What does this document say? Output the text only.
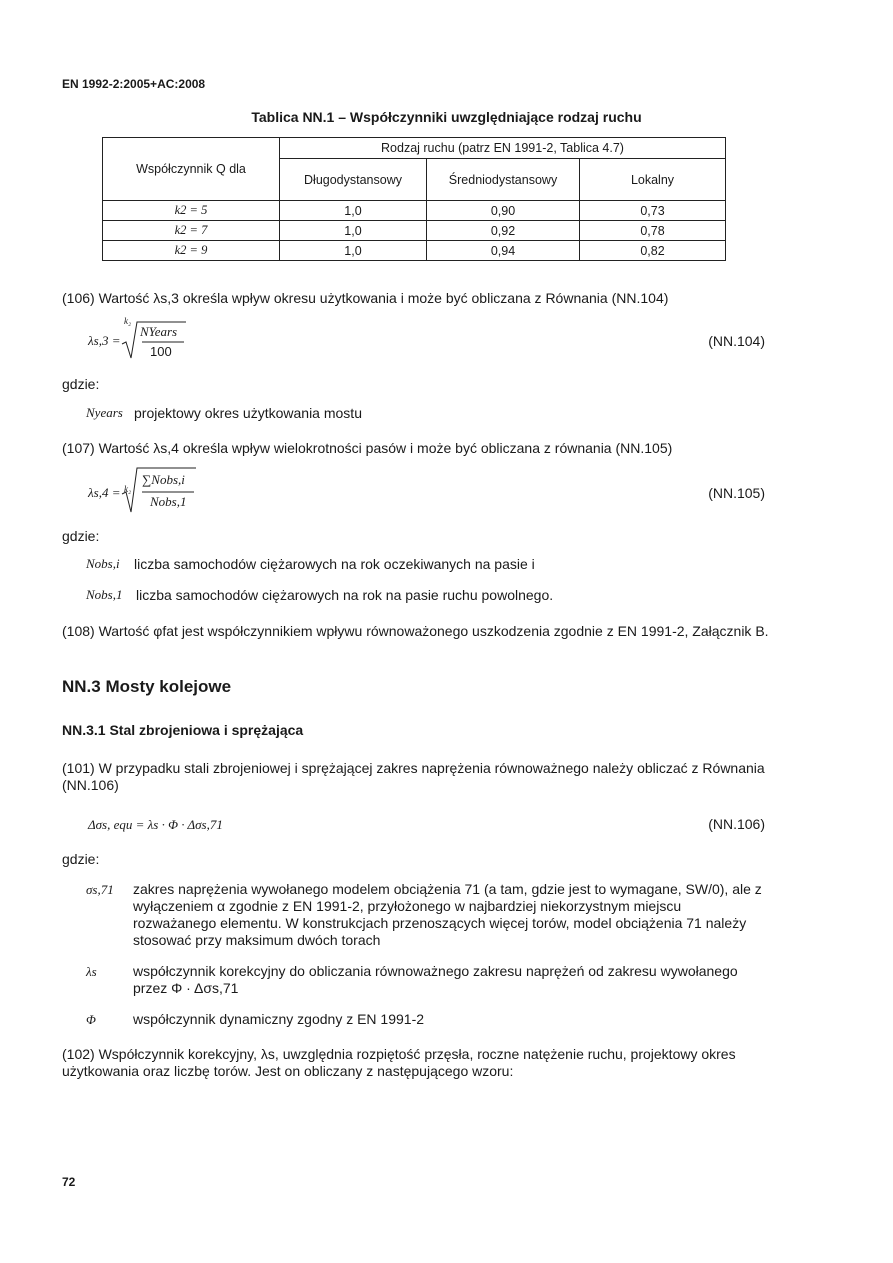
EN 1992-2:2005+AC:2008
Tablica NN.1 – Współczynniki uwzględniające rodzaj ruchu
Współczynnik Q dla	Rodzaj ruchu (patrz EN 1991-2, Tablica 4.7)		
	Długodystansowy	Średniodystansowy	Lokalny
k2 = 5	1,0	0,90	0,73
k2 = 7	1,0	0,92	0,78
k2 = 9	1,0	0,94	0,82
(106) Wartość λs,3 określa wpływ okresu użytkowania i może być obliczana z Równania (NN.104)
λs,3 =
k₂
NYears
100
(NN.104)
gdzie:
Nyears projektowy okres użytkowania mostu
(107) Wartość λs,4 określa wpływ wielokrotności pasów i może być obliczana z równania (NN.105)
λs,4 = k₂
∑Nobs,i
Nobs,1
(NN.105)
gdzie:
Nobs,i liczba samochodów ciężarowych na rok oczekiwanych na pasie i
Nobs,1 liczba samochodów ciężarowych na rok na pasie ruchu powolnego.
(108) Wartość φfat jest współczynnikiem wpływu równoważonego uszkodzenia zgodnie z EN 1991-2, Załącznik B.
NN.3 Mosty kolejowe
NN.3.1 Stal zbrojeniowa i sprężająca
(101) W przypadku stali zbrojeniowej i sprężającej zakres naprężenia równoważnego należy obliczać z Równania (NN.106)
Δσs, equ = λs · Φ · Δσs,71	(NN.106)
gdzie:
σs,71 zakres naprężenia wywołanego modelem obciążenia 71 (a tam, gdzie jest to wymagane, SW/0), ale z wyłączeniem α zgodnie z EN 1991-2, przyłożonego w najbardziej niekorzystnym miejscu rozważanego elementu. W konstrukcjach przenoszących więcej torów, model obciążenia 71 należy stosować przy maksimum dwóch torach
λs	współczynnik korekcyjny do obliczania równoważnego zakresu naprężeń od zakresu wywołanego przez Φ · Δσs,71
Φ	współczynnik dynamiczny zgodny z EN 1991-2
(102) Współczynnik korekcyjny, λs, uwzględnia rozpiętość przęsła, roczne natężenie ruchu, projektowy okres użytkowania oraz liczbę torów. Jest on obliczany z następującego wzoru:
72
